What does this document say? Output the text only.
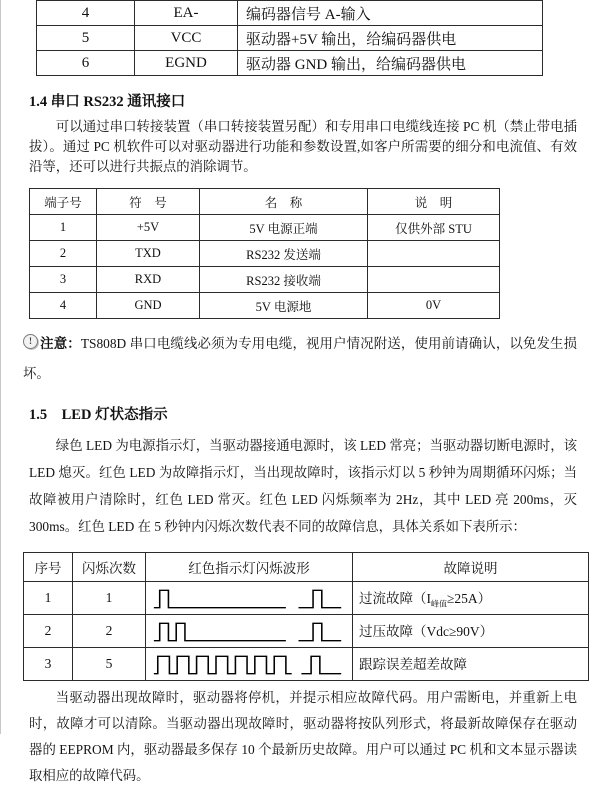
4	EA-	编码器信号 A-输入
5	VCC	驱动器+5V 输出，给编码器供电
6	EGND	驱动器 GND 输出，给编码器供电
1.4 串口 RS232 通讯接口

可以通过串口转接装置（串口转接装置另配）和专用串口电缆线连接 PC 机（禁止带电插拔）。通过 PC 机软件可以对驱动器进行功能和参数设置,如客户所需要的细分和电流值、有效沿等，还可以进行共振点的消除调节。

端子号	符　号	名　称	说　明
1	+5V	5V 电源正端	仅供外部 STU
2	TXD	RS232 发送端	
3	RXD	RS232 接收端	
4	GND	5V 电源地	0V
! 注意：TS808D 串口电缆线必须为专用电缆，视用户情况附送，使用前请确认，以免发生损坏。
1.5　LED 灯状态指示

绿色 LED 为电源指示灯，当驱动器接通电源时，该 LED 常亮；当驱动器切断电源时，该 LED 熄灭。红色 LED 为故障指示灯，当出现故障时，该指示灯以 5 秒钟为周期循环闪烁；当故障被用户清除时，红色 LED 常灭。红色 LED 闪烁频率为 2Hz，其中 LED 亮 200ms，灭 300ms。红色 LED 在 5 秒钟内闪烁次数代表不同的故障信息，具体关系如下表所示：

序号	闪烁次数	红色指示灯闪烁波形	故障说明
1	1		过流故障$(I_{峰值}\ge 25A)$
2	2		过压故障（Vdc≥90V）
3	5		跟踪误差超差故障

当驱动器出现故障时，驱动器将停机，并提示相应故障代码。用户需断电，并重新上电时，故障才可以清除。当驱动器出现故障时，驱动器将按队列形式，将最新故障保存在驱动器的 EEPROM 内，驱动器最多保存 10 个最新历史故障。用户可以通过 PC 机和文本显示器读取相应的故障代码。
